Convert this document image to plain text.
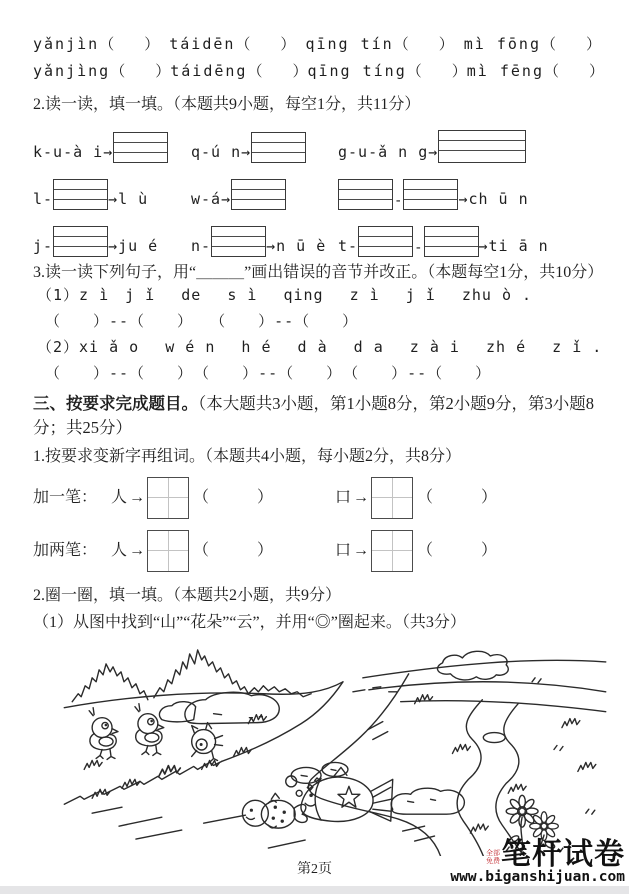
yǎnjìn（　　） táidēn（　　） qīng tín（　　） mì fōng（　　）
yǎnjìng（　　） táidēng（　　） qīng tíng（　　） mì fēng（　　）
2.读一读，填一填。（本题共9小题，每空1分，共11分）
k-u-à i→	q-ú n→	g-u-ǎ n g→
l-	→l ù	w-á→	-	→ch ū n
j-	→ju é n-	→n ū è t-	-	→ti ā n
3.读一读下列句子，用“＿＿＿”画出错误的音节并改正。（本题每空1分，共10分）
（1）z ì　j ǐ　 de　 s ì　 qing　 z ì　 j ǐ　 zhu ò .
（　　）--（　　）　　（　　）--（　　）
（2）xi ǎ o　 w é n　 h é　 d à　 d a　 z à i　 zh é　 z ǐ .
（　　）--（　　）　（　　）--（　　）　（　　）--（　　）
三、按要求完成题目。（本大题共3小题，第1小题8分，第2小题9分，第3小题8分；共25分）
1.按要求变新字再组词。（本题共4小题，每小题2分，共8分）
加一笔： 人 →	（　　　）	口 →	（　　　）
加两笔： 人 →	（　　　）	口 →	（　　　）
2.圈一圈，填一填。（本题共2小题，共9分）
（1）从图中找到“山”“花朵”“云”，并用“◎”圈起来。（共3分）
第2页
全部免费 笔杆试卷
www.biganshijuan.com
